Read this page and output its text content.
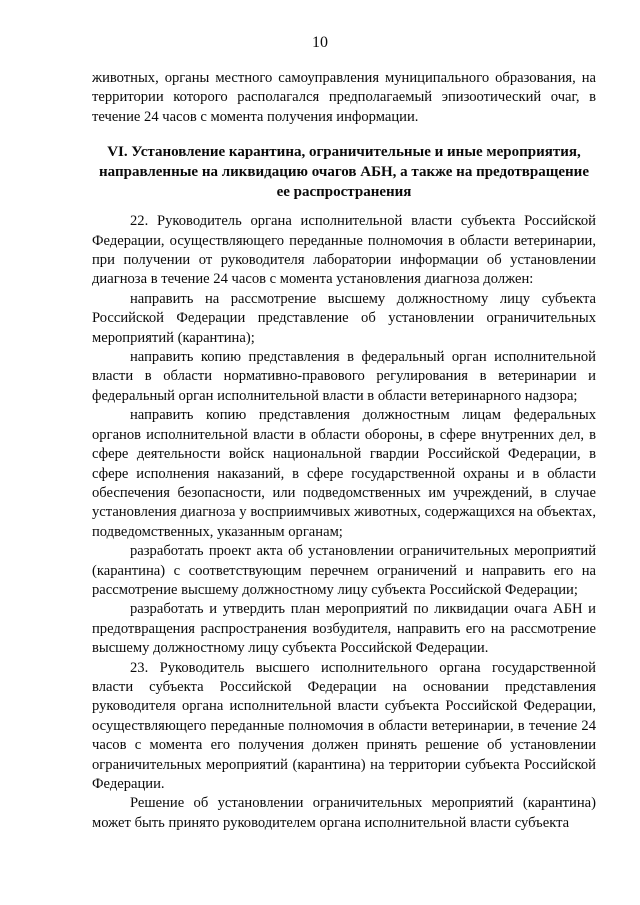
10

животных, органы местного самоуправления муниципального образования, на территории которого располагался предполагаемый эпизоотический очаг, в течение 24 часов с момента получения информации.

VI. Установление карантина, ограничительные и иные мероприятия, направленные на ликвидацию очагов АБН, а также на предотвращение ее распространения

22. Руководитель органа исполнительной власти субъекта Российской Федерации, осуществляющего переданные полномочия в области ветеринарии, при получении от руководителя лаборатории информации об установлении диагноза в течение 24 часов с момента установления диагноза должен:

направить на рассмотрение высшему должностному лицу субъекта Российской Федерации представление об установлении ограничительных мероприятий (карантина);

направить копию представления в федеральный орган исполнительной власти в области нормативно-правового регулирования в ветеринарии и федеральный орган исполнительной власти в области ветеринарного надзора;

направить копию представления должностным лицам федеральных органов исполнительной власти в области обороны, в сфере внутренних дел, в сфере деятельности войск национальной гвардии Российской Федерации, в сфере исполнения наказаний, в сфере государственной охраны и в области обеспечения безопасности, или подведомственных им учреждений, в случае установления диагноза у восприимчивых животных, содержащихся на объектах, подведомственных, указанным органам;

разработать проект акта об установлении ограничительных мероприятий (карантина) с соответствующим перечнем ограничений и направить его на рассмотрение высшему должностному лицу субъекта Российской Федерации;

разработать и утвердить план мероприятий по ликвидации очага АБН и предотвращения распространения возбудителя, направить его на рассмотрение высшему должностному лицу субъекта Российской Федерации.

23. Руководитель высшего исполнительного органа государственной власти субъекта Российской Федерации на основании представления руководителя органа исполнительной власти субъекта Российской Федерации, осуществляющего переданные полномочия в области ветеринарии, в течение 24 часов с момента его получения должен принять решение об установлении ограничительных мероприятий (карантина) на территории субъекта Российской Федерации.

Решение об установлении ограничительных мероприятий (карантина) может быть принято руководителем органа исполнительной власти субъекта
